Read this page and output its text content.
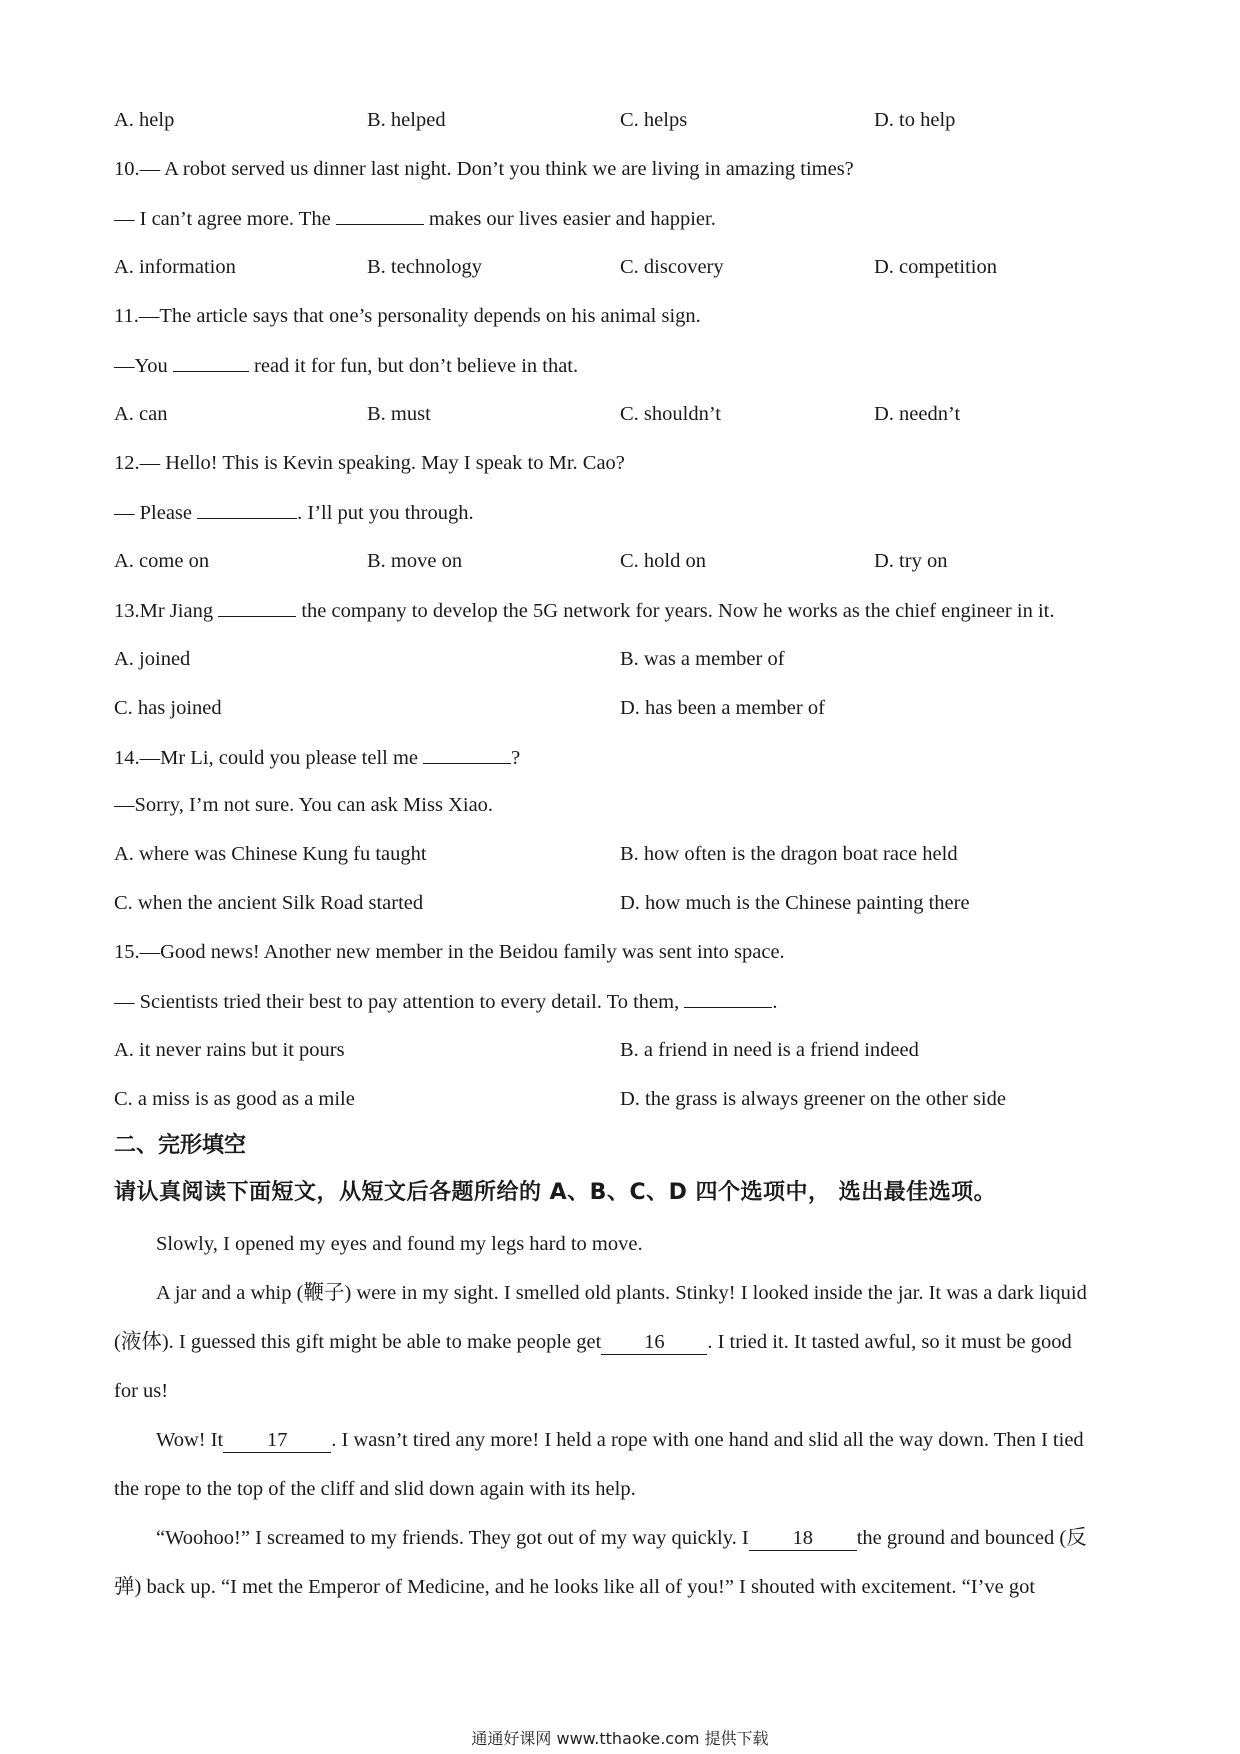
A. help	B. helped	C. helps	D. to help
10.— A robot served us dinner last night. Don’t you think we are living in amazing times?
— I can’t agree more. The	makes our lives easier and happier.
A. information	B. technology	C. discovery	D. competition
11.—The article says that one’s personality depends on his animal sign.
—You	read it for fun, but don’t believe in that.
A. can	B. must	C. shouldn’t	D. needn’t
12.— Hello! This is Kevin speaking. May I speak to Mr. Cao?
— Please	. I’ll put you through.
A. come on	B. move on	C. hold on	D. try on
13.Mr Jiang	the company to develop the 5G network for years. Now he works as the chief engineer in it.
A. joined	B. was a member of
C. has joined	D. has been a member of
14.—Mr Li, could you please tell me	?
—Sorry, I’m not sure. You can ask Miss Xiao.
A. where was Chinese Kung fu taught	B. how often is the dragon boat race held
C. when the ancient Silk Road started	D. how much is the Chinese painting there
15.—Good news! Another new member in the Beidou family was sent into space.
— Scientists tried their best to pay attention to every detail. To them,	.
A. it never rains but it pours	B. a friend in need is a friend indeed
C. a miss is as good as a mile	D. the grass is always greener on the other side
二、完形填空
请认真阅读下面短文，从短文后各题所给的 A、B、C、D 四个选项中， 选出最佳选项。
Slowly, I opened my eyes and found my legs hard to move.
A jar and a whip (鞭子) were in my sight. I smelled old plants. Stinky! I looked inside the jar. It was a dark liquid
(液体). I guessed this gift might be able to make people get 16 . I tried it. It tasted awful, so it must be good
for us!
Wow! It 17 . I wasn’t tired any more! I held a rope with one hand and slid all the way down. Then I tied
the rope to the top of the cliff and slid down again with its help.
“Woohoo!” I screamed to my friends. They got out of my way quickly. I 18 the ground and bounced (反
弹) back up. “I met the Emperor of Medicine, and he looks like all of you!” I shouted with excitement. “I’ve got
通通好课网 www.tthaoke.com 提供下载
